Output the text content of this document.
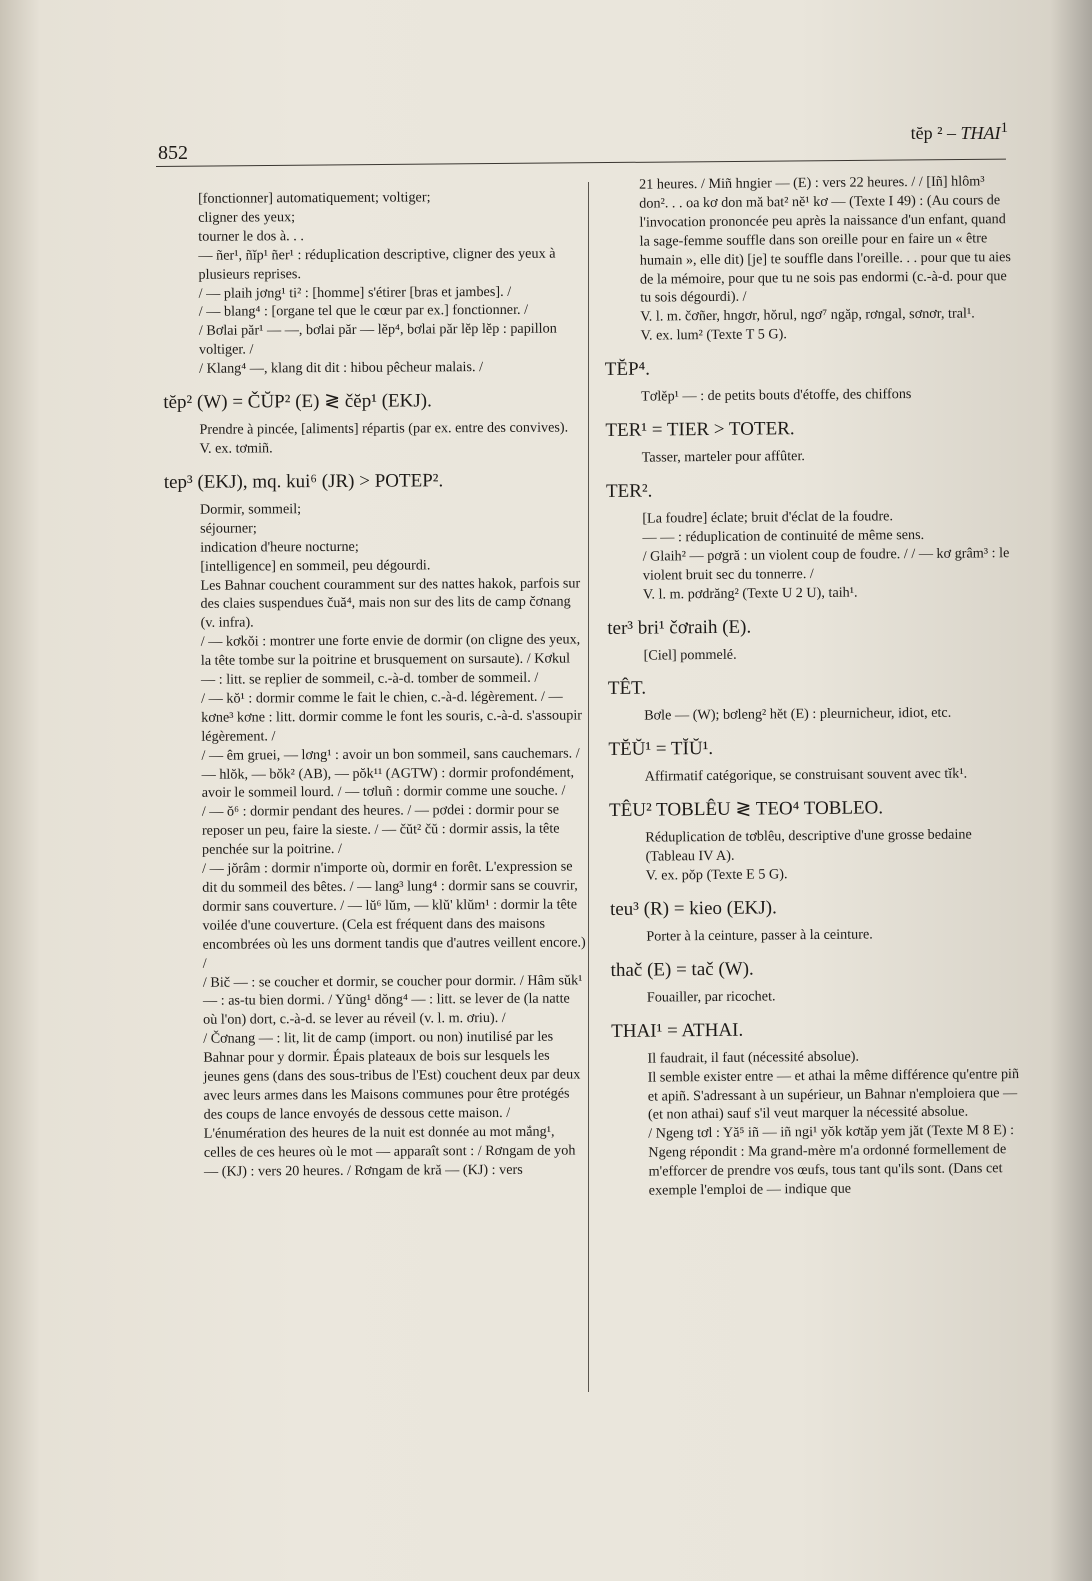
852
tĕp ² – THAI$^1$
[fonctionner] automatiquement; voltiger;
cligner des yeux;
tourner le dos à. . .
— ñer¹, ñĭp¹ ñer¹ : réduplication descriptive, cligner des yeux à plusieurs reprises.
/ — plaih jơng¹ ti² : [homme] s'étirer [bras et jambes]. /
/ — blang⁴ : [organe tel que le cœur par ex.] fonctionner. /
/ Bơlai păr¹ — —, bơlai păr — lĕp⁴, bơlai păr lĕp lĕp : papillon voltiger. /
/ Klang⁴ —, klang dit dit : hibou pêcheur malais. /
tĕp² (W) = ČŬP² (E) ≷ čĕp¹ (EKJ).
Prendre à pincée, [aliments] répartis (par ex. entre des convives).
V. ex. tơmiñ.
tep³ (EKJ), mq. kui⁶ (JR) > POTEP².
Dormir, sommeil;
séjourner;
indication d'heure nocturne;
[intelligence] en sommeil, peu dégourdi.
Les Bahnar couchent couramment sur des nattes hakok, parfois sur des claies suspendues čuă⁴, mais non sur des lits de camp čơnang (v. infra).
/ — kơkŏi : montrer une forte envie de dormir (on cligne des yeux, la tête tombe sur la poitrine et brusquement on sursaute). / Kơkul — : litt. se replier de sommeil, c.-à-d. tomber de sommeil. /
/ — kŏ¹ : dormir comme le fait le chien, c.-à-d. légèrement. / — kơne³ kơne : litt. dormir comme le font les souris, c.-à-d. s'assoupir légèrement. /
/ — êm gruei, — lơng¹ : avoir un bon sommeil, sans cauchemars. / — hlŏk, — bŏk² (AB), — pŏk¹¹ (AGTW) : dormir profondément, avoir le sommeil lourd. / — tơluñ : dormir comme une souche. /
/ — ŏ⁶ : dormir pendant des heures. / — pơdei : dormir pour se reposer un peu, faire la sieste. / — čŭt² čŭ : dormir assis, la tête penchée sur la poitrine. /
/ — jŏrâm : dormir n'importe où, dormir en forêt. L'expression se dit du sommeil des bêtes. / — lang³ lung⁴ : dormir sans se couvrir, dormir sans couverture. / — lŭ⁶ lŭm, — klŭ' klŭm¹ : dormir la tête voilée d'une couverture. (Cela est fréquent dans des maisons encombrées où les uns dorment tandis que d'autres veillent encore.) /
/ Bič — : se coucher et dormir, se coucher pour dormir. / Hâm sŭk¹ — : as-tu bien dormi. / Yŭng¹ dŏng⁴ — : litt. se lever de (la natte où l'on) dort, c.-à-d. se lever au réveil (v. l. m. ơriu). /
/ Čơnang — : lit, lit de camp (import. ou non) inutilisé par les Bahnar pour y dormir. Épais plateaux de bois sur lesquels les jeunes gens (dans des sous-tribus de l'Est) couchent deux par deux avec leurs armes dans les Maisons communes pour être protégés des coups de lance envoyés de dessous cette maison. /
L'énumération des heures de la nuit est donnée au mot mắng¹, celles de ces heures où le mot — apparaît sont : / Rơngam de yoh — (KJ) : vers 20 heures. / Rơngam de kră — (KJ) : vers
21 heures. / Miñ hngier — (E) : vers 22 heures. / / [Iñ] hlôm³ don². . . oa kơ don mă bat² nĕ¹ kơ — (Texte I 49) : (Au cours de l'invocation prononcée peu après la naissance d'un enfant, quand la sage-femme souffle dans son oreille pour en faire un « être humain », elle dit) [je] te souffle dans l'oreille. . . pour que tu aies de la mémoire, pour que tu ne sois pas endormi (c.-à-d. pour que tu sois dégourdi). /
V. l. m. čơñer, hngơr, hŏrul, ngơ⁷ ngăp, rơngal, sơnơr, tral¹.
V. ex. lum² (Texte T 5 G).
TĔP⁴.
Tơlĕp¹ — : de petits bouts d'étoffe, des chiffons
TER¹ = TIER > TOTER.
Tasser, marteler pour affûter.
TER².
[La foudre] éclate; bruit d'éclat de la foudre.
— — : réduplication de continuité de même sens.
/ Glaih² — pơgră : un violent coup de foudre. / / — kơ grâm³ : le violent bruit sec du tonnerre. /
V. l. m. pơdrăng² (Texte U 2 U), taih¹.
ter³ bri¹ čơraih (E).
[Ciel] pommelé.
TÊT.
Bơle — (W); bơleng² hĕt (E) : pleurnicheur, idiot, etc.
TĔŬ¹ = TĬŬ¹.
Affirmatif catégorique, se construisant souvent avec tĭk¹.
TÊU² TOBLÊU ≷ TEO⁴ TOBLEO.
Réduplication de tơblêu, descriptive d'une grosse bedaine (Tableau IV A).
V. ex. pŏp (Texte E 5 G).
teu³ (R) = kieo (EKJ).
Porter à la ceinture, passer à la ceinture.
thač (E) = tač (W).
Fouailler, par ricochet.
THAI¹ = ATHAI.
Il faudrait, il faut (nécessité absolue).
Il semble exister entre — et athai la même différence qu'entre piñ et apiñ. S'adressant à un supérieur, un Bahnar n'emploiera que — (et non athai) sauf s'il veut marquer la nécessité absolue.
/ Ngeng tơl : Yă⁵ iñ — iñ ngi¹ yŏk kơtăp yem jăt (Texte M 8 E) : Ngeng répondit : Ma grand-mère m'a ordonné formellement de m'efforcer de prendre vos œufs, tous tant qu'ils sont. (Dans cet exemple l'emploi de — indique que
